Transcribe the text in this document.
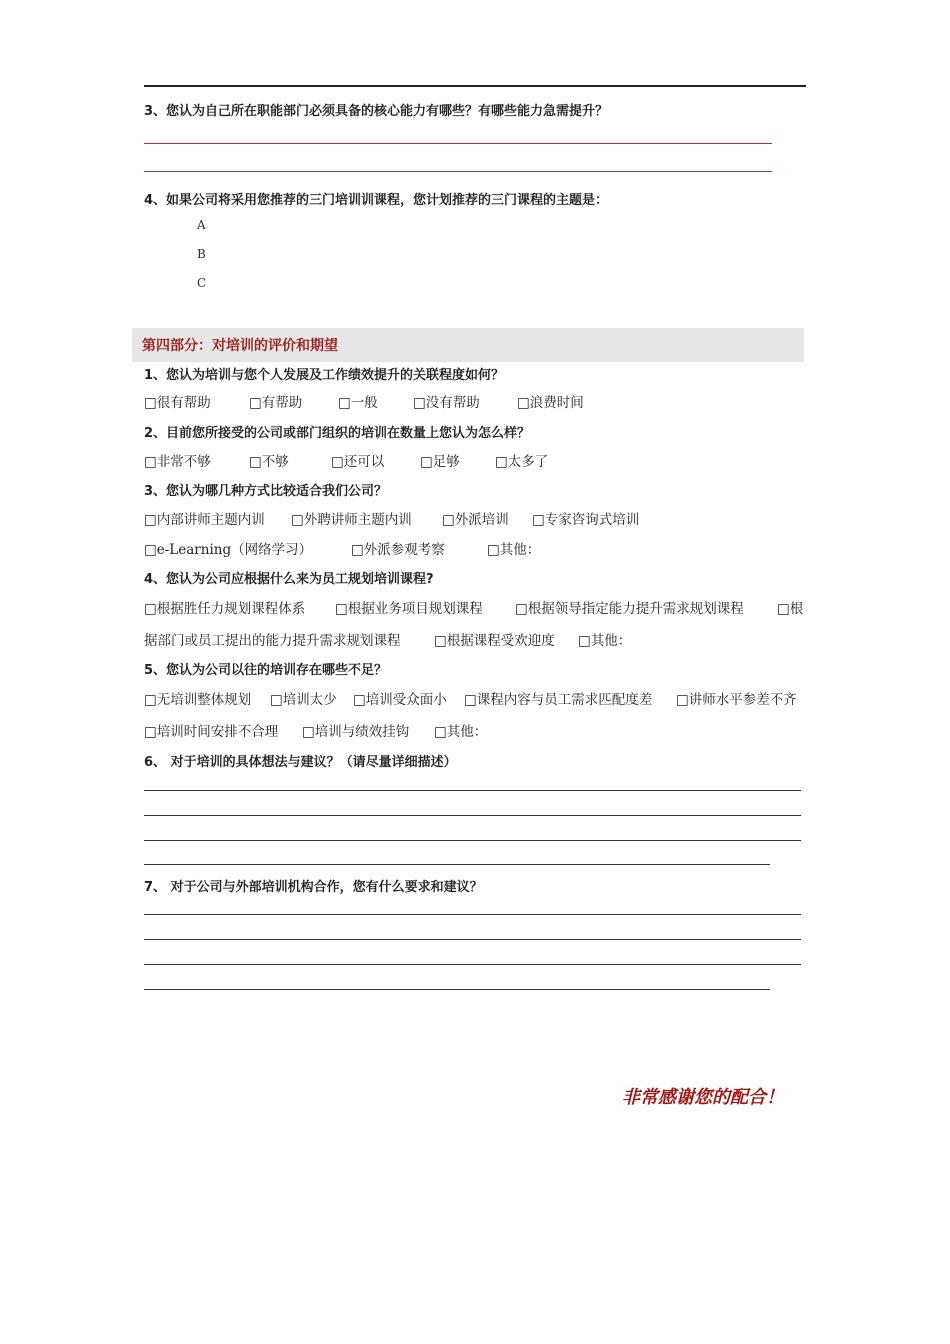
3、您认为自己所在职能部门必须具备的核心能力有哪些？有哪些能力急需提升？
4、如果公司将采用您推荐的三门培训训课程，您计划推荐的三门课程的主题是：
A
B
C
第四部分：对培训的评价和期望
1、您认为培训与您个人发展及工作绩效提升的关联程度如何？
□很有帮助	□有帮助	□一般	□没有帮助	□浪费时间
2、目前您所接受的公司或部门组织的培训在数量上您认为怎么样？
□非常不够	□不够	□还可以	□足够	□太多了
3、您认为哪几种方式比较适合我们公司？
□内部讲师主题内训 □外聘讲师主题内训 □外派培训 □专家咨询式培训
□e-Learning（网络学习）	□外派参观考察	□其他：
4、您认为公司应根据什么来为员工规划培训课程?
□根据胜任力规划课程体系 □根据业务项目规划课程 □根据领导指定能力提升需求规划课程 □根
据部门或员工提出的能力提升需求规划课程 □根据课程受欢迎度 □其他：
5、您认为公司以往的培训存在哪些不足？
□无培训整体规划 □培训太少 □培训受众面小 □课程内容与员工需求匹配度差 □讲师水平参差不齐
□培训时间安排不合理 □培训与绩效挂钩 □其他：
6、 对于培训的具体想法与建议？（请尽量详细描述）
7、 对于公司与外部培训机构合作，您有什么要求和建议？
非常感谢您的配合！
